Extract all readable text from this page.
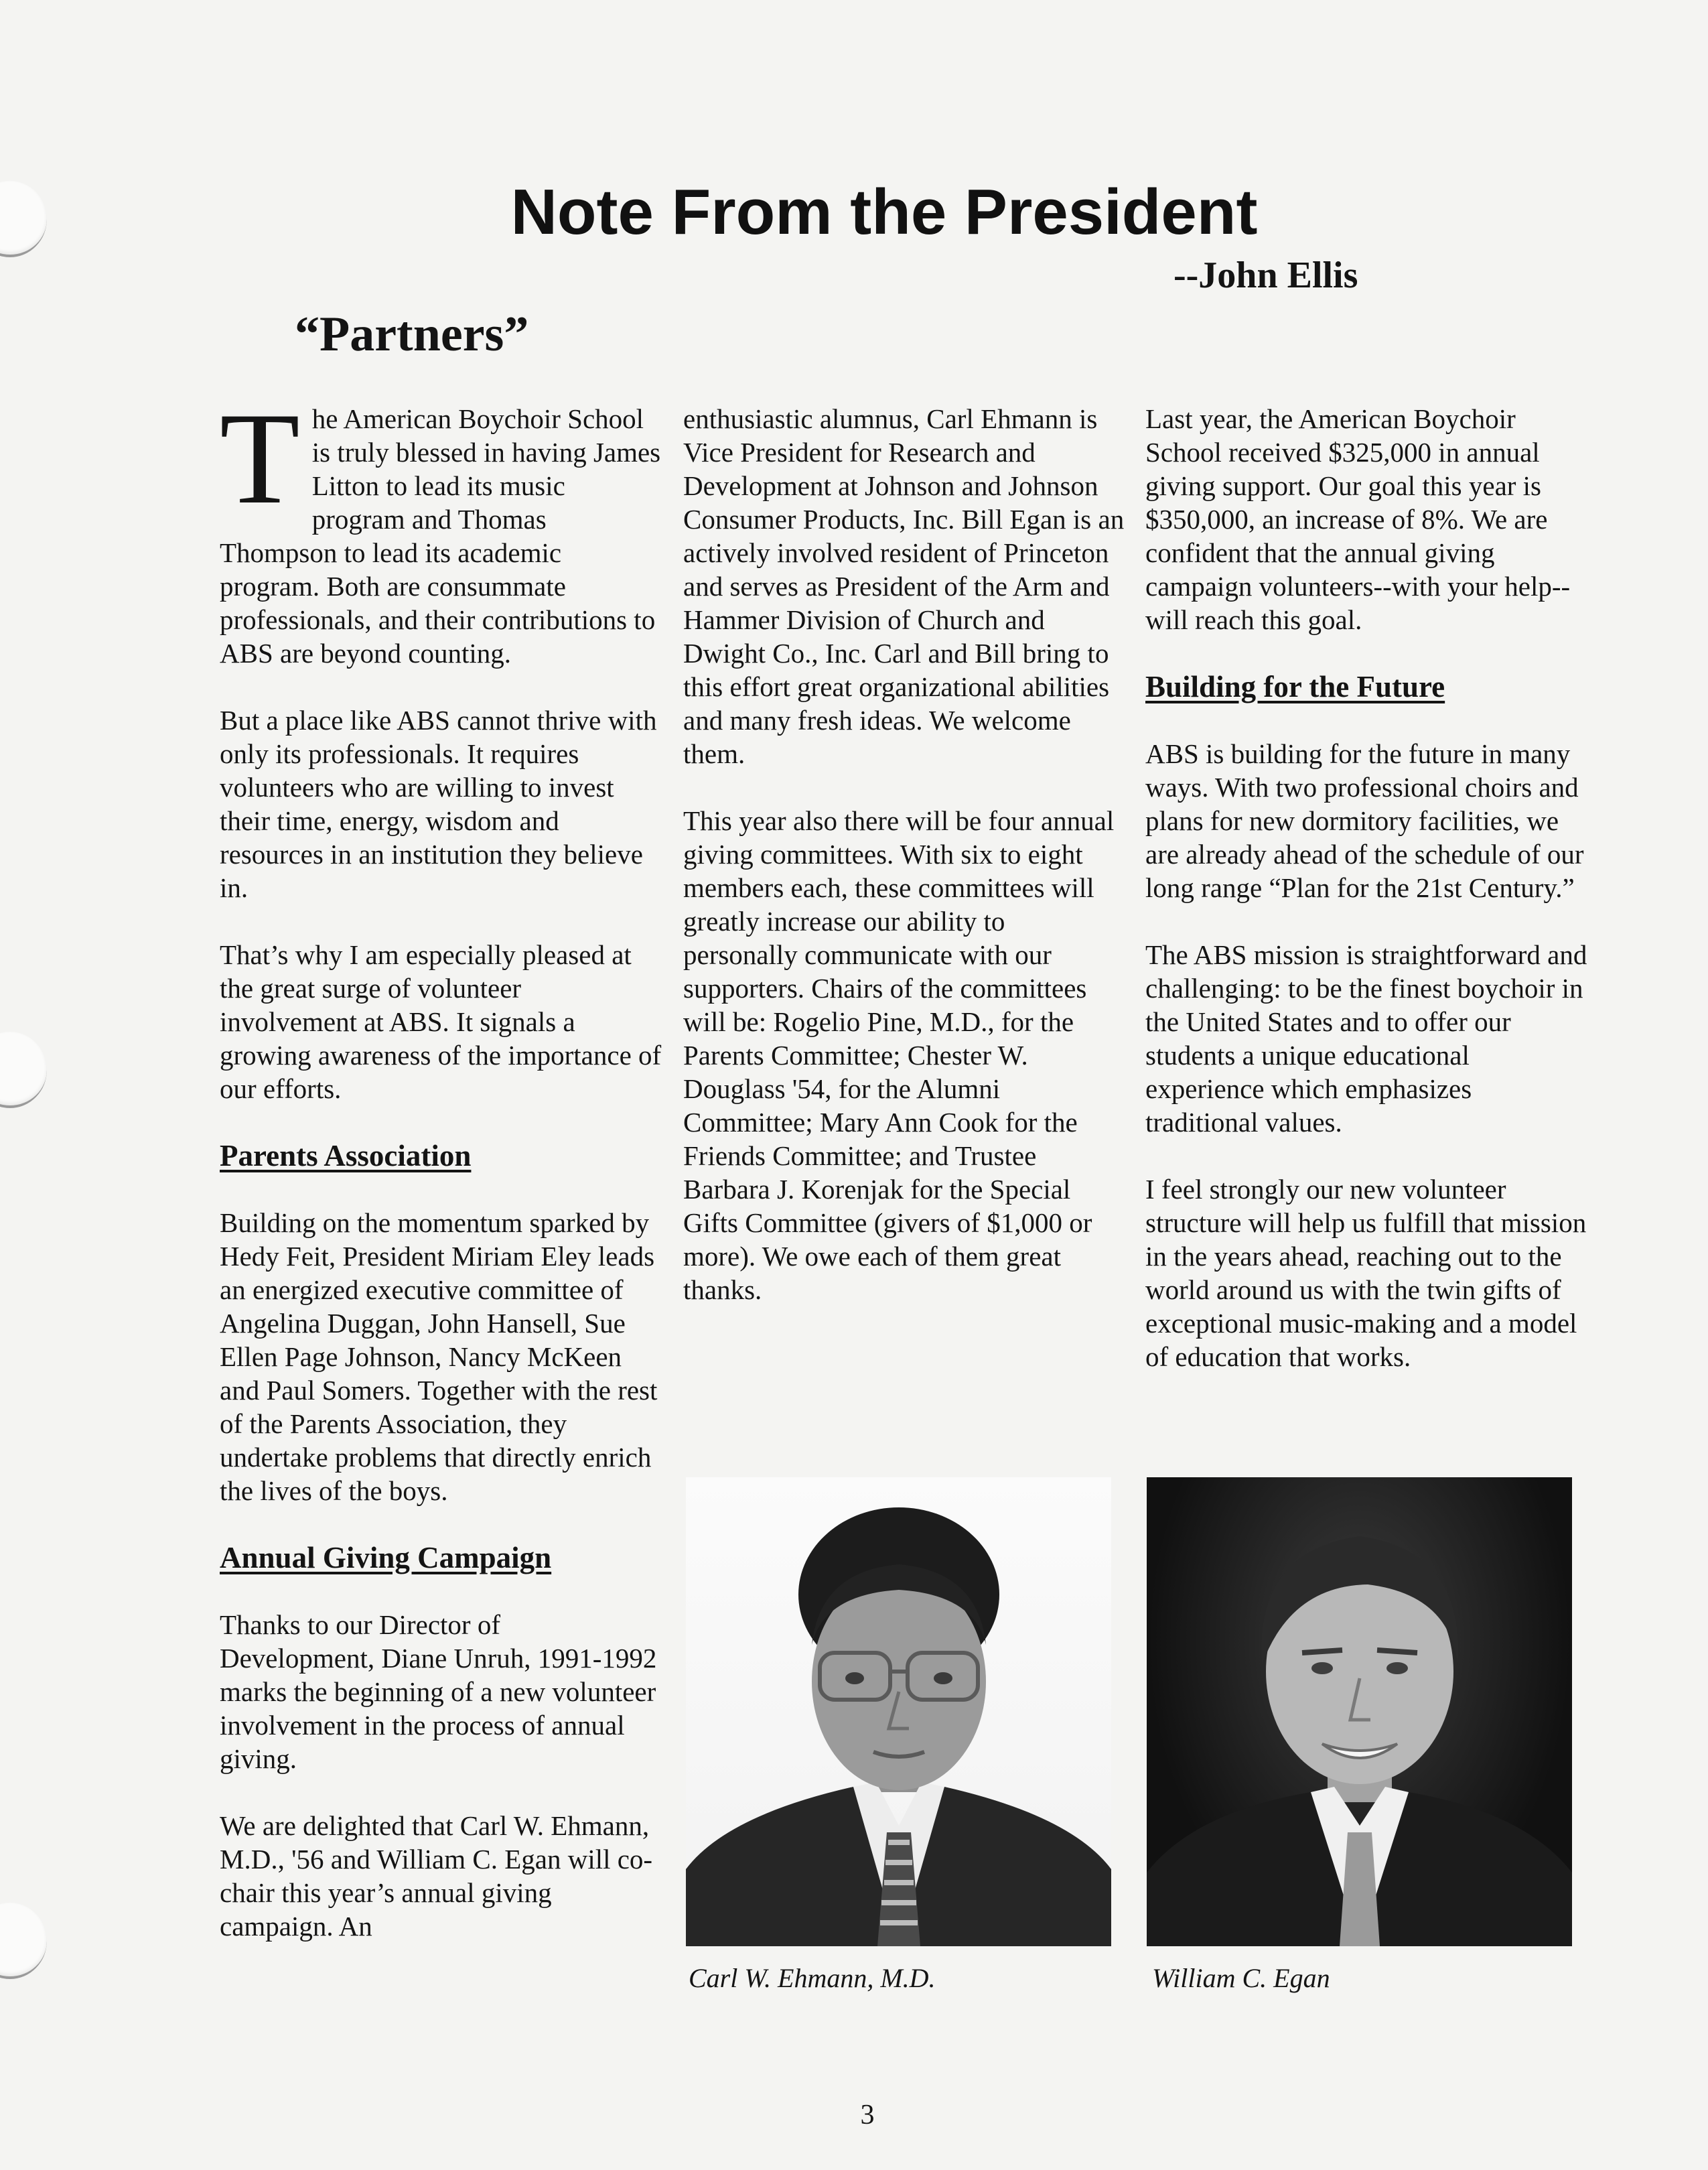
Note From the President

--John Ellis

“Partners”

The American Boychoir School is truly blessed in having James Litton to lead its music program and Thomas Thompson to lead its academic program. Both are consummate professionals, and their contributions to ABS are beyond counting.

But a place like ABS cannot thrive with only its professionals. It requires volunteers who are willing to invest their time, energy, wisdom and resources in an institution they believe in.

That’s why I am especially pleased at the great surge of volunteer involvement at ABS. It signals a growing awareness of the importance of our efforts.

Parents Association

Building on the momentum sparked by Hedy Feit, President Miriam Eley leads an energized executive committee of Angelina Duggan, John Hansell, Sue Ellen Page Johnson, Nancy McKeen and Paul Somers. Together with the rest of the Parents Association, they undertake problems that directly enrich the lives of the boys.

Annual Giving Campaign

Thanks to our Director of Development, Diane Unruh, 1991-1992 marks the beginning of a new volunteer involvement in the process of annual giving.

We are delighted that Carl W. Ehmann, M.D., '56 and William C. Egan will co-chair this year’s annual giving campaign. An

enthusiastic alumnus, Carl Ehmann is Vice President for Research and Development at Johnson and Johnson Consumer Products, Inc. Bill Egan is an actively involved resident of Princeton and serves as President of the Arm and Hammer Division of Church and Dwight Co., Inc. Carl and Bill bring to this effort great organizational abilities and many fresh ideas. We welcome them.

This year also there will be four annual giving committees. With six to eight members each, these committees will greatly increase our ability to personally communicate with our supporters. Chairs of the committees will be: Rogelio Pine, M.D., for the Parents Committee; Chester W. Douglass '54, for the Alumni Committee; Mary Ann Cook for the Friends Committee; and Trustee Barbara J. Korenjak for the Special Gifts Committee (givers of $1,000 or more). We owe each of them great thanks.

Last year, the American Boychoir School received $325,000 in annual giving support. Our goal this year is $350,000, an increase of 8%. We are confident that the annual giving campaign volunteers--with your help--will reach this goal.

Building for the Future

ABS is building for the future in many ways. With two professional choirs and plans for new dormitory facilities, we are already ahead of the schedule of our long range “Plan for the 21st Century.”

The ABS mission is straightforward and challenging: to be the finest boychoir in the United States and to offer our students a unique educational experience which emphasizes traditional values.

I feel strongly our new volunteer structure will help us fulfill that mission in the years ahead, reaching out to the world around us with the twin gifts of exceptional music-making and a model of education that works.

Carl W. Ehmann, M.D.	William C. Egan

3
